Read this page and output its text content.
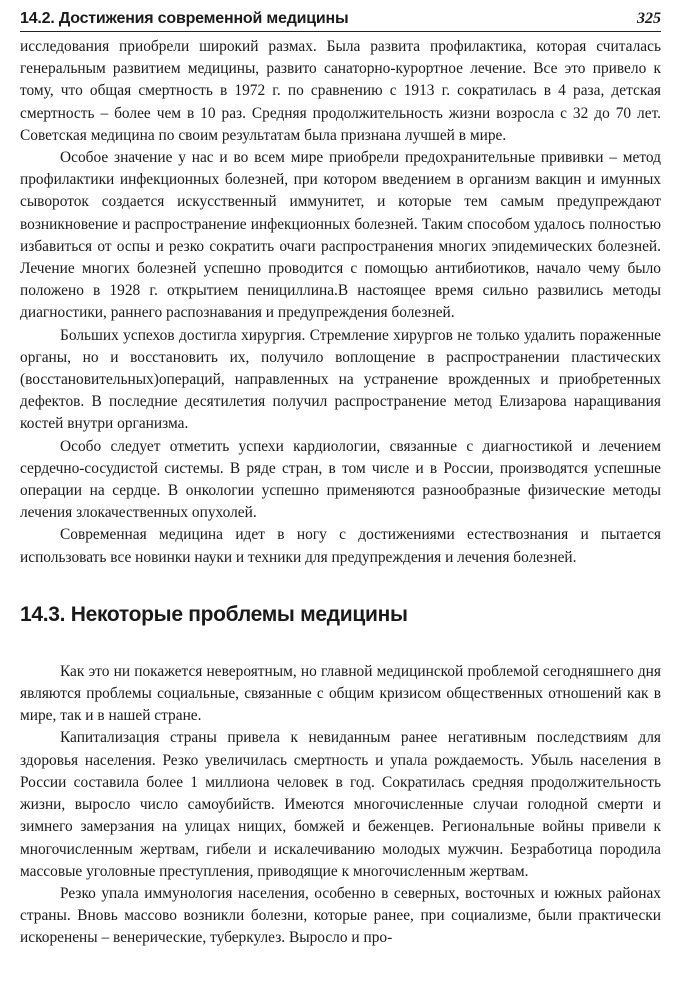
14.2. Достижения современной медицины	325

исследования приобрели широкий размах. Была развита профилактика, которая считалась генеральным развитием медицины, развито санаторно-курортное лечение. Все это привело к тому, что общая смертность в 1972 г. по сравнению с 1913 г. сократилась в 4 раза, детская смертность – более чем в 10 раз. Средняя продолжительность жизни возросла с 32 до 70 лет. Советская медицина по своим результатам была признана лучшей в мире.

Особое значение у нас и во всем мире приобрели предохранительные прививки – метод профилактики инфекционных болезней, при котором введением в организм вакцин и имунных сывороток создается искусственный иммунитет, и которые тем самым предупреждают возникновение и распространение инфекционных болезней. Таким способом удалось полностью избавиться от оспы и резко сократить очаги распространения многих эпидемических болезней. Лечение многих болезней успешно проводится с помощью антибиотиков, начало чему было положено в 1928 г. открытием пенициллина.В настоящее время сильно развились методы диагностики, раннего распознавания и предупреждения болезней.

Больших успехов достигла хирургия. Стремление хирургов не только удалить пораженные органы, но и восстановить их, получило воплощение в распространении пластических (восстановительных)операций, направленных на устранение врожденных и приобретенных дефектов. В последние десятилетия получил распространение метод Елизарова наращивания костей внутри организма.

Особо следует отметить успехи кардиологии, связанные с диагностикой и лечением сердечно-сосудистой системы. В ряде стран, в том числе и в России, производятся успешные операции на сердце. В онкологии успешно применяются разнообразные физические методы лечения злокачественных опухолей.

Современная медицина идет в ногу с достижениями естествознания и пытается использовать все новинки науки и техники для предупреждения и лечения болезней.

14.3. Некоторые проблемы медицины

Как это ни покажется невероятным, но главной медицинской проблемой сегодняшнего дня являются проблемы социальные, связанные с общим кризисом общественных отношений как в мире, так и в нашей стране.

Капитализация страны привела к невиданным ранее негативным последствиям для здоровья населения. Резко увеличилась смертность и упала рождаемость. Убыль населения в России составила более 1 миллиона человек в год. Сократилась средняя продолжительность жизни, выросло число самоубийств. Имеются многочисленные случаи голодной смерти и зимнего замерзания на улицах нищих, бомжей и беженцев. Региональные войны привели к многочисленным жертвам, гибели и искалечиванию молодых мужчин. Безработица породила массовые уголовные преступления, приводящие к многочисленным жертвам.

Резко упала иммунология населения, особенно в северных, восточных и южных районах страны. Вновь массово возникли болезни, которые ранее, при социализме, были практически искоренены – венерические, туберкулез. Выросло и про-
